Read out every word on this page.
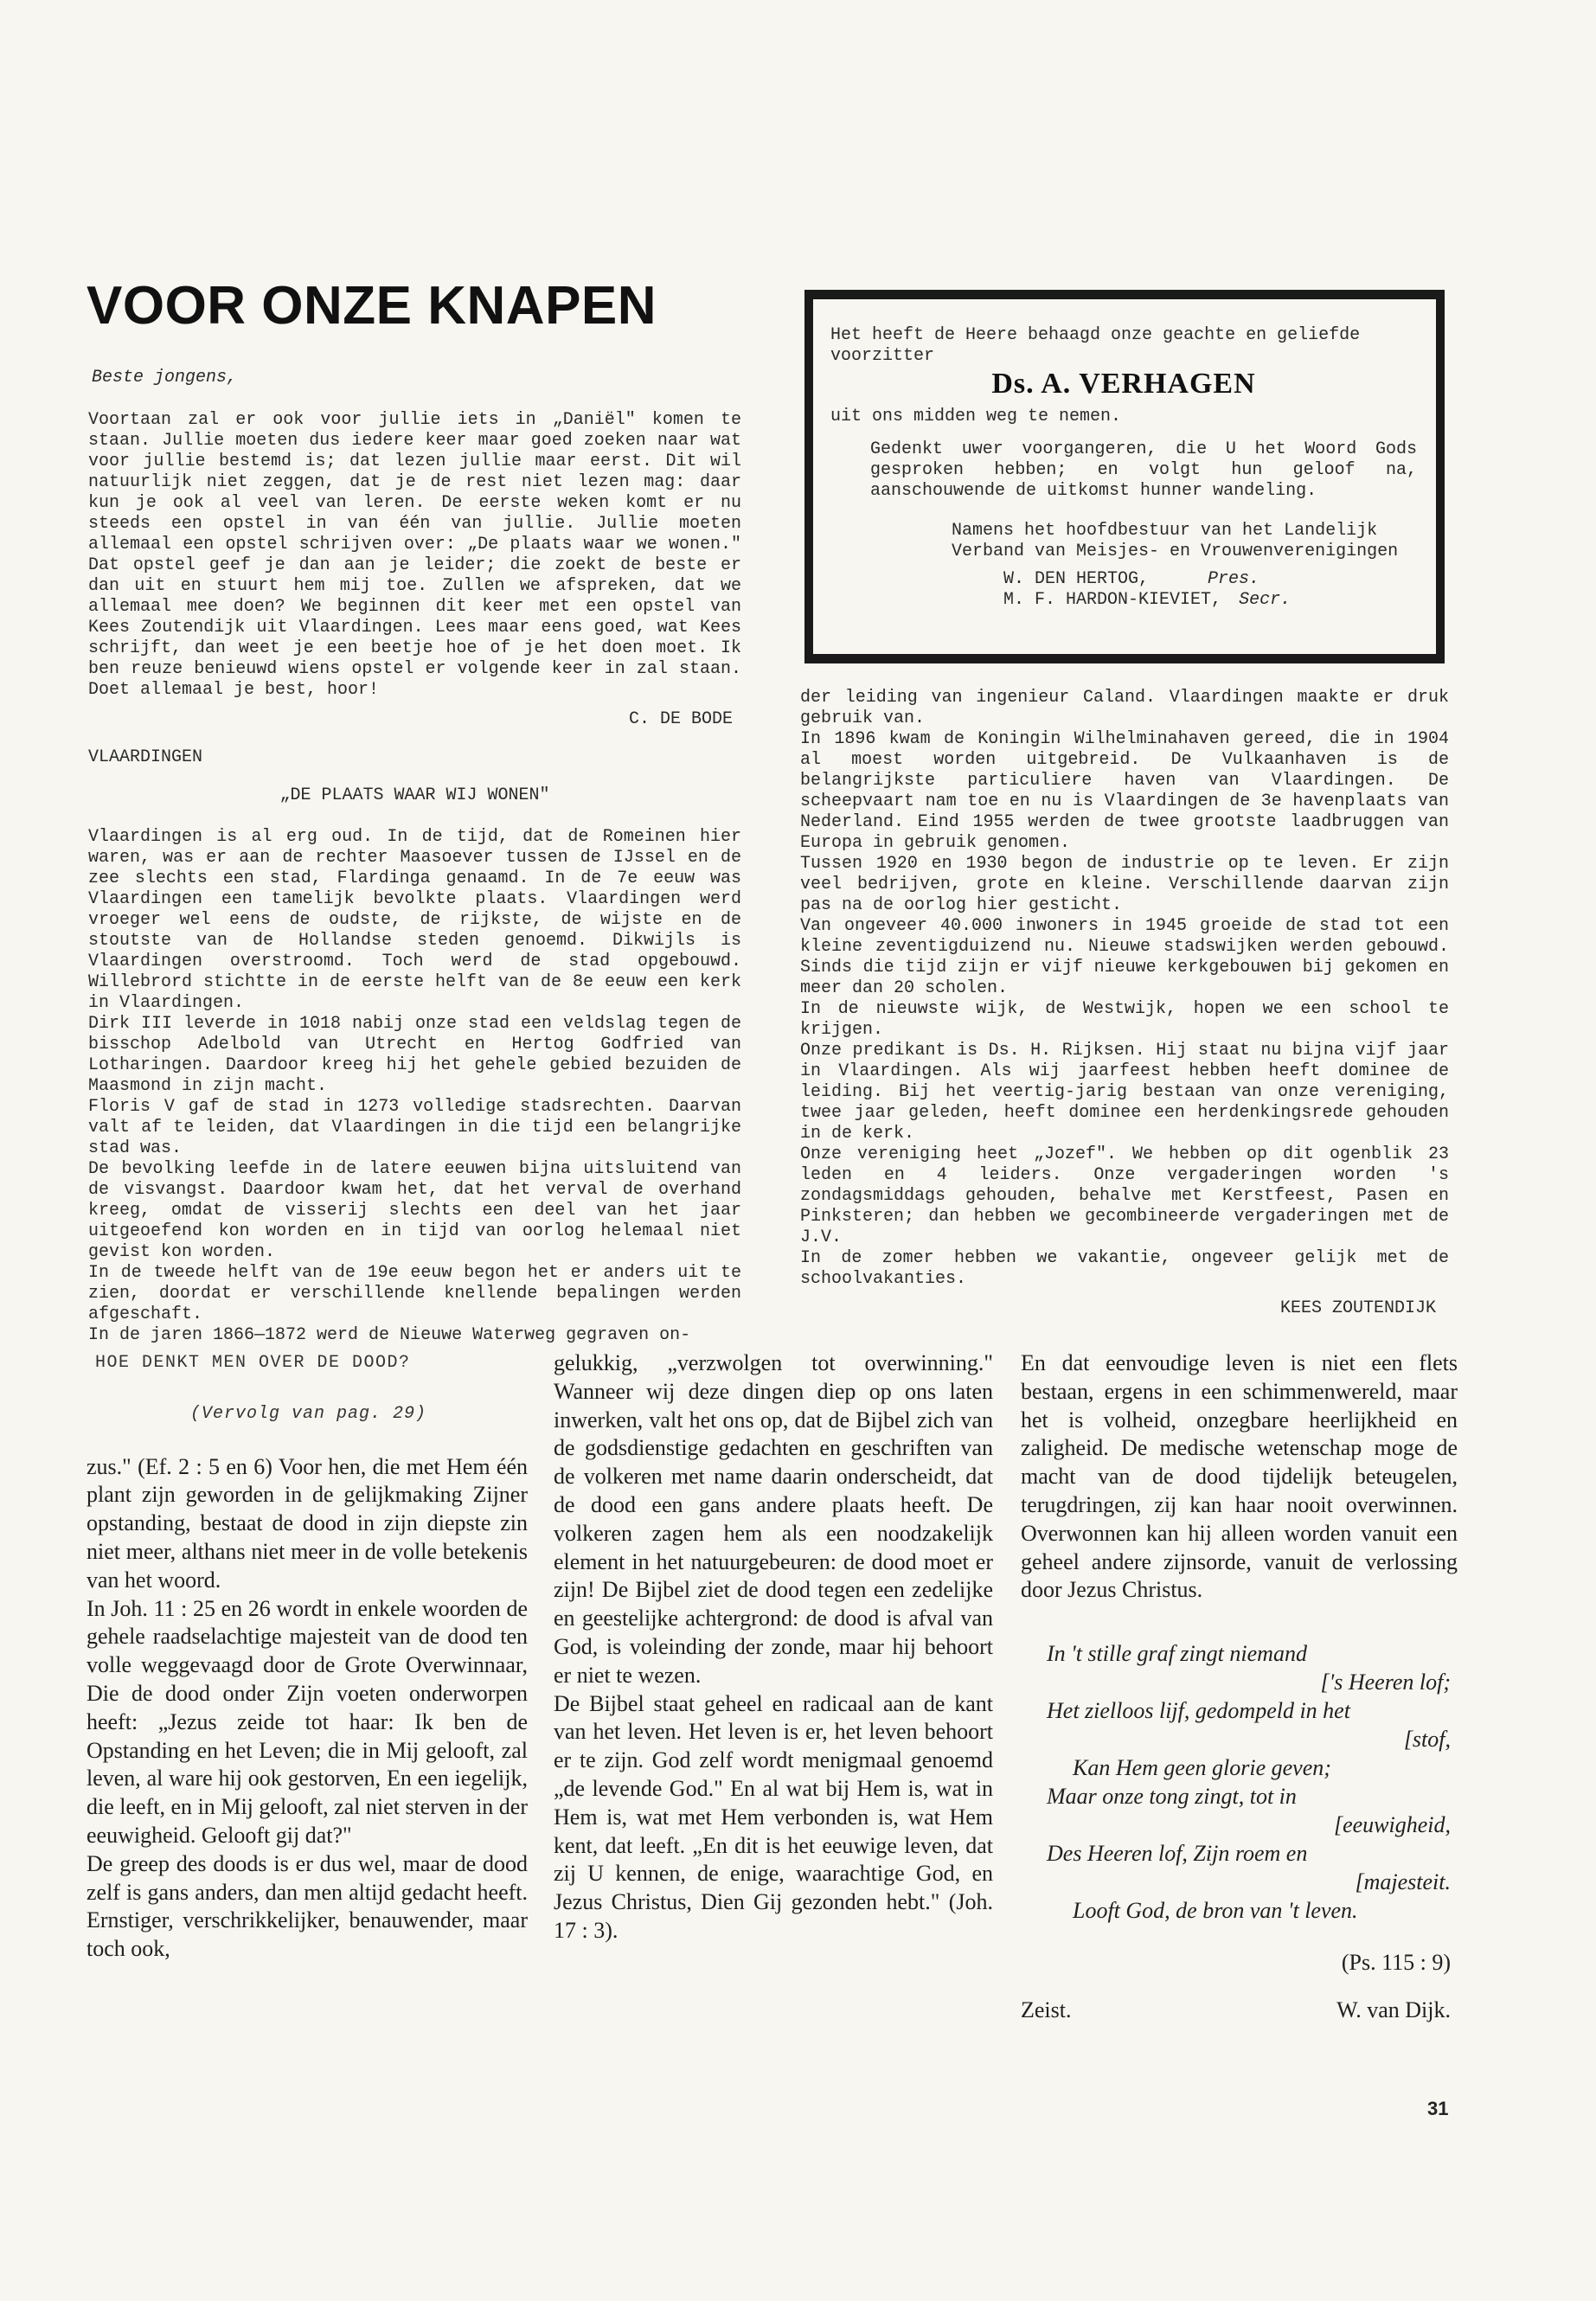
VOOR ONZE KNAPEN

Beste jongens,

Voortaan zal er ook voor jullie iets in „Daniël" komen te staan. Jullie moeten dus iedere keer maar goed zoeken naar wat voor jullie bestemd is; dat lezen jullie maar eerst. Dit wil natuurlijk niet zeggen, dat je de rest niet lezen mag: daar kun je ook al veel van leren. De eerste weken komt er nu steeds een opstel in van één van jullie. Jullie moeten allemaal een opstel schrijven over: „De plaats waar we wonen." Dat opstel geef je dan aan je leider; die zoekt de beste er dan uit en stuurt hem mij toe. Zullen we afspreken, dat we allemaal mee doen? We beginnen dit keer met een opstel van Kees Zoutendijk uit Vlaardingen. Lees maar eens goed, wat Kees schrijft, dan weet je een beetje hoe of je het doen moet. Ik ben reuze benieuwd wiens opstel er volgende keer in zal staan. Doet allemaal je best, hoor!

C. DE BODE

VLAARDINGEN

„DE PLAATS WAAR WIJ WONEN"

Vlaardingen is al erg oud. In de tijd, dat de Romeinen hier waren, was er aan de rechter Maasoever tussen de IJssel en de zee slechts een stad, Flardinga genaamd. In de 7e eeuw was Vlaardingen een tamelijk bevolkte plaats. Vlaardingen werd vroeger wel eens de oudste, de rijkste, de wijste en de stoutste van de Hollandse steden genoemd. Dikwijls is Vlaardingen overstroomd. Toch werd de stad opgebouwd. Willebrord stichtte in de eerste helft van de 8e eeuw een kerk in Vlaardingen.

Dirk III leverde in 1018 nabij onze stad een veldslag tegen de bisschop Adelbold van Utrecht en Hertog Godfried van Lotharingen. Daardoor kreeg hij het gehele gebied bezuiden de Maasmond in zijn macht.

Floris V gaf de stad in 1273 volledige stadsrechten. Daarvan valt af te leiden, dat Vlaardingen in die tijd een belangrijke stad was.

De bevolking leefde in de latere eeuwen bijna uitsluitend van de visvangst. Daardoor kwam het, dat het verval de overhand kreeg, omdat de visserij slechts een deel van het jaar uitgeoefend kon worden en in tijd van oorlog helemaal niet gevist kon worden.

In de tweede helft van de 19e eeuw begon het er anders uit te zien, doordat er verschillende knellende bepalingen werden afgeschaft.

In de jaren 1866—1872 werd de Nieuwe Waterweg gegraven on-

Het heeft de Heere behaagd onze geachte en geliefde voorzitter

Ds. A. VERHAGEN

uit ons midden weg te nemen.

Gedenkt uwer voorgangeren, die U het Woord Gods gesproken hebben; en volgt hun geloof na, aanschouwende de uitkomst hunner wandeling.

Namens het hoofdbestuur van het Landelijk Verband van Meisjes- en Vrouwenverenigingen

W. DEN HERTOG,	Pres.

M. F. HARDON-KIEVIET, Secr.

der leiding van ingenieur Caland. Vlaardingen maakte er druk gebruik van.

In 1896 kwam de Koningin Wilhelminahaven gereed, die in 1904 al moest worden uitgebreid. De Vulkaanhaven is de belangrijkste particuliere haven van Vlaardingen. De scheepvaart nam toe en nu is Vlaardingen de 3e havenplaats van Nederland. Eind 1955 werden de twee grootste laadbruggen van Europa in gebruik genomen.

Tussen 1920 en 1930 begon de industrie op te leven. Er zijn veel bedrijven, grote en kleine. Verschillende daarvan zijn pas na de oorlog hier gesticht.

Van ongeveer 40.000 inwoners in 1945 groeide de stad tot een kleine zeventigduizend nu. Nieuwe stadswijken werden gebouwd. Sinds die tijd zijn er vijf nieuwe kerkgebouwen bij gekomen en meer dan 20 scholen.

In de nieuwste wijk, de Westwijk, hopen we een school te krijgen.

Onze predikant is Ds. H. Rijksen. Hij staat nu bijna vijf jaar in Vlaardingen. Als wij jaarfeest hebben heeft dominee de leiding. Bij het veertig-jarig bestaan van onze vereniging, twee jaar geleden, heeft dominee een herdenkingsrede gehouden in de kerk.

Onze vereniging heet „Jozef". We hebben op dit ogenblik 23 leden en 4 leiders. Onze vergaderingen worden 's zondagsmiddags gehouden, behalve met Kerstfeest, Pasen en Pinksteren; dan hebben we gecombineerde vergaderingen met de J.V.

In de zomer hebben we vakantie, ongeveer gelijk met de schoolvakanties.

KEES ZOUTENDIJK

HOE DENKT MEN OVER DE DOOD?

(Vervolg van pag. 29)

zus." (Ef. 2 : 5 en 6) Voor hen, die met Hem één plant zijn geworden in de gelijkmaking Zijner opstanding, bestaat de dood in zijn diepste zin niet meer, althans niet meer in de volle betekenis van het woord.

In Joh. 11 : 25 en 26 wordt in enkele woorden de gehele raadselachtige majesteit van de dood ten volle weggevaagd door de Grote Overwinnaar, Die de dood onder Zijn voeten onderworpen heeft: „Jezus zeide tot haar: Ik ben de Opstanding en het Leven; die in Mij gelooft, zal leven, al ware hij ook gestorven, En een iegelijk, die leeft, en in Mij gelooft, zal niet sterven in der eeuwigheid. Gelooft gij dat?"

De greep des doods is er dus wel, maar de dood zelf is gans anders, dan men altijd gedacht heeft. Ernstiger, verschrikkelijker, benauwender, maar toch ook,

gelukkig, „verzwolgen tot overwinning." Wanneer wij deze dingen diep op ons laten inwerken, valt het ons op, dat de Bijbel zich van de godsdienstige gedachten en geschriften van de volkeren met name daarin onderscheidt, dat de dood een gans andere plaats heeft. De volkeren zagen hem als een noodzakelijk element in het natuurgebeuren: de dood moet er zijn! De Bijbel ziet de dood tegen een zedelijke en geestelijke achtergrond: de dood is afval van God, is voleinding der zonde, maar hij behoort er niet te wezen.

De Bijbel staat geheel en radicaal aan de kant van het leven. Het leven is er, het leven behoort er te zijn. God zelf wordt menigmaal genoemd „de levende God." En al wat bij Hem is, wat in Hem is, wat met Hem verbonden is, wat Hem kent, dat leeft. „En dit is het eeuwige leven, dat zij U kennen, de enige, waarachtige God, en Jezus Christus, Dien Gij gezonden hebt." (Joh. 17 : 3).

En dat eenvoudige leven is niet een flets bestaan, ergens in een schimmenwereld, maar het is volheid, onzegbare heerlijkheid en zaligheid. De medische wetenschap moge de macht van de dood tijdelijk beteugelen, terugdringen, zij kan haar nooit overwinnen. Overwonnen kan hij alleen worden vanuit een geheel andere zijnsorde, vanuit de verlossing door Jezus Christus.

In 't stille graf zingt niemand

['s Heeren lof;

Het zielloos lijf, gedompeld in het

[stof,

Kan Hem geen glorie geven;

Maar onze tong zingt, tot in

[eeuwigheid,

Des Heeren lof, Zijn roem en

[majesteit.

Looft God, de bron van 't leven.

(Ps. 115 : 9)

Zeist.	W. van Dijk.
31
